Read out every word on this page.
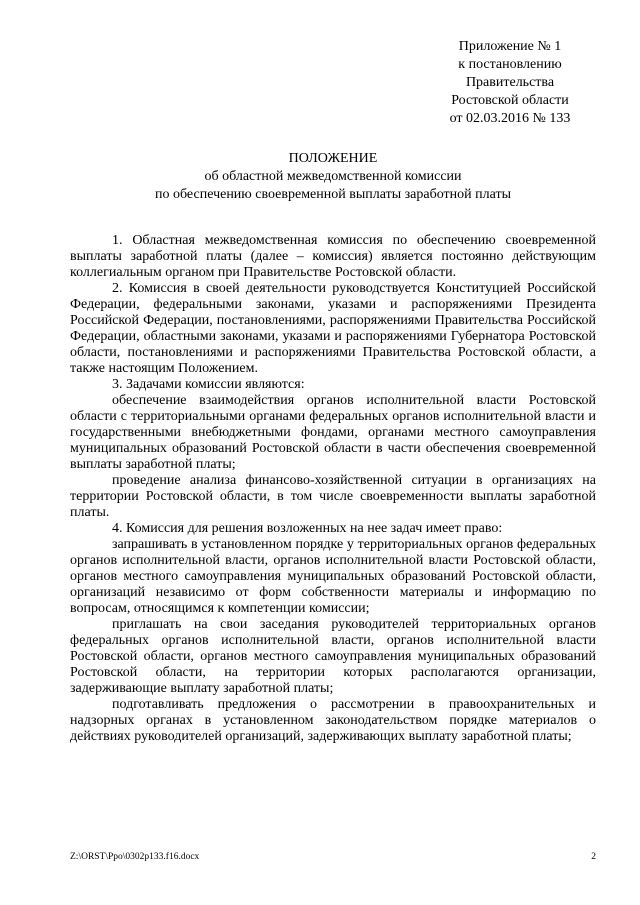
Приложение № 1
к постановлению
Правительства
Ростовской области
от 02.03.2016 № 133
ПОЛОЖЕНИЕ
об областной межведомственной комиссии
по обеспечению своевременной выплаты заработной платы

1. Областная межведомственная комиссия по обеспечению своевременной выплаты заработной платы (далее – комиссия) является постоянно действующим коллегиальным органом при Правительстве Ростовской области.

2. Комиссия в своей деятельности руководствуется Конституцией Российской Федерации, федеральными законами, указами и распоряжениями Президента Российской Федерации, постановлениями, распоряжениями Правительства Российской Федерации, областными законами, указами и распоряжениями Губернатора Ростовской области, постановлениями и распоряжениями Правительства Ростовской области, а также настоящим Положением.

3. Задачами комиссии являются:

обеспечение взаимодействия органов исполнительной власти Ростовской области с территориальными органами федеральных органов исполнительной власти и государственными внебюджетными фондами, органами местного самоуправления муниципальных образований Ростовской области в части обеспечения своевременной выплаты заработной платы;

проведение анализа финансово-хозяйственной ситуации в организациях на территории Ростовской области, в том числе своевременности выплаты заработной платы.

4. Комиссия для решения возложенных на нее задач имеет право:

запрашивать в установленном порядке у территориальных органов федеральных органов исполнительной власти, органов исполнительной власти Ростовской области, органов местного самоуправления муниципальных образований Ростовской области, организаций независимо от форм собственности материалы и информацию по вопросам, относящимся к компетенции комиссии;

приглашать на свои заседания руководителей территориальных органов федеральных органов исполнительной власти, органов исполнительной власти Ростовской области, органов местного самоуправления муниципальных образований Ростовской области, на территории которых располагаются организации, задерживающие выплату заработной платы;

подготавливать предложения о рассмотрении в правоохранительных и надзорных органах в установленном законодательством порядке материалов о действиях руководителей организаций, задерживающих выплату заработной платы;

Z:\ORST\Ppo\0302p133.f16.docx	2
